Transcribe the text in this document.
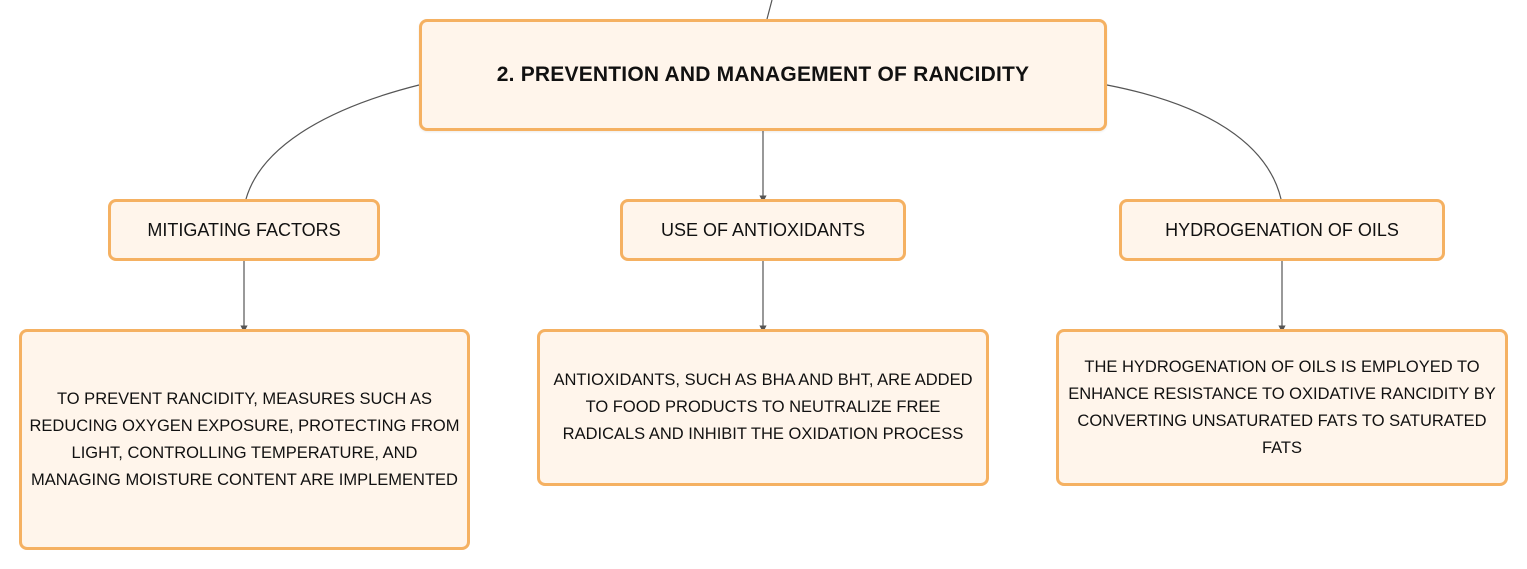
2. PREVENTION AND MANAGEMENT OF RANCIDITY
MITIGATING FACTORS	USE OF ANTIOXIDANTS	HYDROGENATION OF OILS
TO PREVENT RANCIDITY, MEASURES SUCH AS REDUCING OXYGEN EXPOSURE, PROTECTING FROM LIGHT, CONTROLLING TEMPERATURE, AND MANAGING MOISTURE CONTENT ARE IMPLEMENTED
ANTIOXIDANTS, SUCH AS BHA AND BHT, ARE ADDED TO FOOD PRODUCTS TO NEUTRALIZE FREE RADICALS AND INHIBIT THE OXIDATION PROCESS
THE HYDROGENATION OF OILS IS EMPLOYED TO ENHANCE RESISTANCE TO OXIDATIVE RANCIDITY BY CONVERTING UNSATURATED FATS TO SATURATED FATS
